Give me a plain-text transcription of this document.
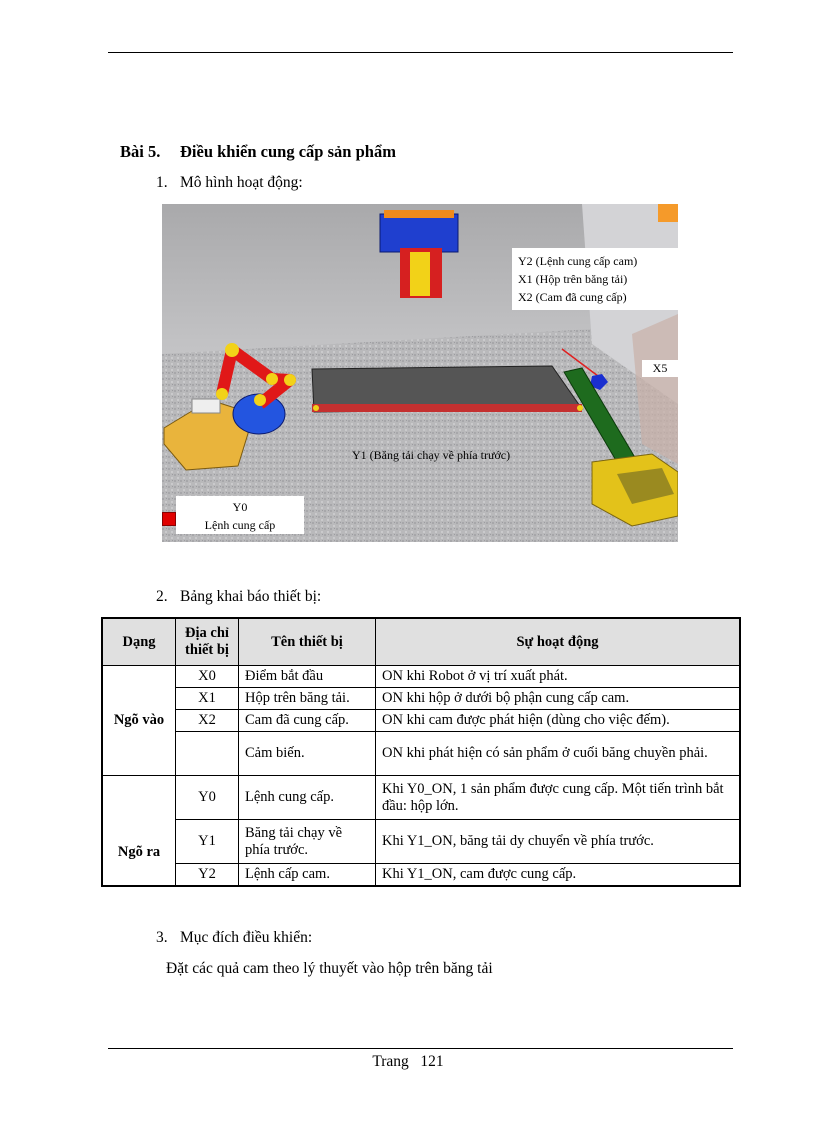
Bài 5. Điều khiển cung cấp sản phẩm
1. Mô hình hoạt động:
Y2 (Lệnh cung cấp cam)
X1 (Hộp trên băng tải)
X2 (Cam đã cung cấp)
X5
Y1 (Băng tải chạy về phía trước)
Y0
Lệnh cung cấp
2. Bảng khai báo thiết bị:
Dạng	Địa chỉ thiết bị	Tên thiết bị	Sự hoạt động
Ngõ vào	X0	Điểm bắt đầu	ON khi Robot ở vị trí xuất phát.
	X1	Hộp trên băng tải.	ON khi hộp ở dưới bộ phận cung cấp cam.
	X2	Cam đã cung cấp.	ON khi cam được phát hiện (dùng cho việc đếm).
		Cảm biến.	ON khi phát hiện có sản phẩm ở cuối băng chuyền phải.
Ngõ ra	Y0	Lệnh cung cấp.	Khi Y0_ON, 1 sản phẩm được cung cấp. Một tiến trình bắt đầu: hộp lớn.
	Y1	Băng tải chạy về phía trước.	Khi Y1_ON, băng tải dy chuyển về phía trước.
	Y2	Lệnh cấp cam.	Khi Y1_ON, cam được cung cấp.
3. Mục đích điều khiển:
Đặt các quả cam theo lý thuyết vào hộp trên băng tải
Trang 121
